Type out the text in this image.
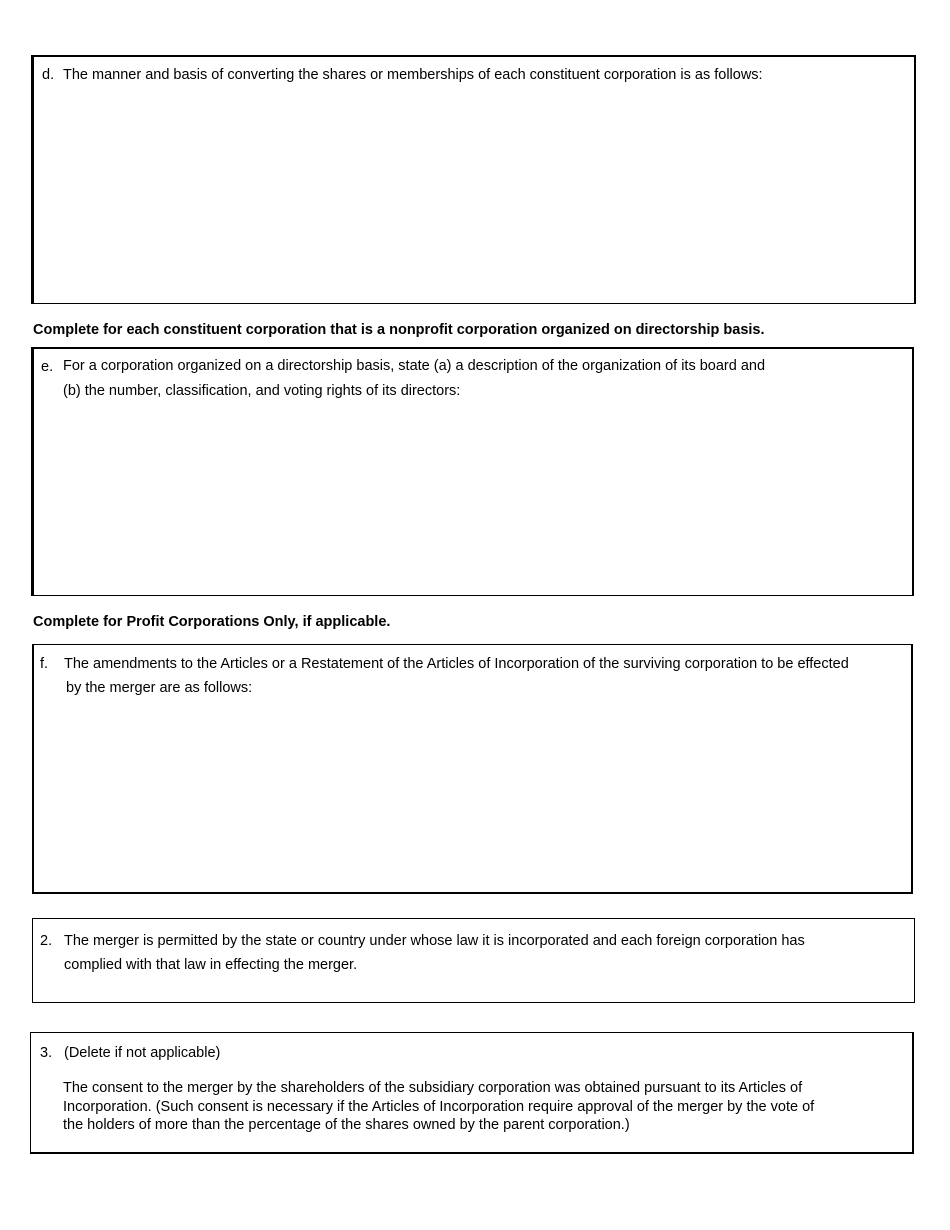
d. The manner and basis of converting the shares or memberships of each constituent corporation is as follows:
Complete for each constituent corporation that is a nonprofit corporation organized on directorship basis.
e. For a corporation organized on a directorship basis, state (a) a description of the organization of its board and
(b) the number, classification, and voting rights of its directors:
Complete for Profit Corporations Only, if applicable.
f. The amendments to the Articles or a Restatement of the Articles of Incorporation of the surviving corporation to be effected
by the merger are as follows:
2. The merger is permitted by the state or country under whose law it is incorporated and each foreign corporation has
complied with that law in effecting the merger.
3. (Delete if not applicable)
The consent to the merger by the shareholders of the subsidiary corporation was obtained pursuant to its Articles of
Incorporation. (Such consent is necessary if the Articles of Incorporation require approval of the merger by the vote of
the holders of more than the percentage of the shares owned by the parent corporation.)
